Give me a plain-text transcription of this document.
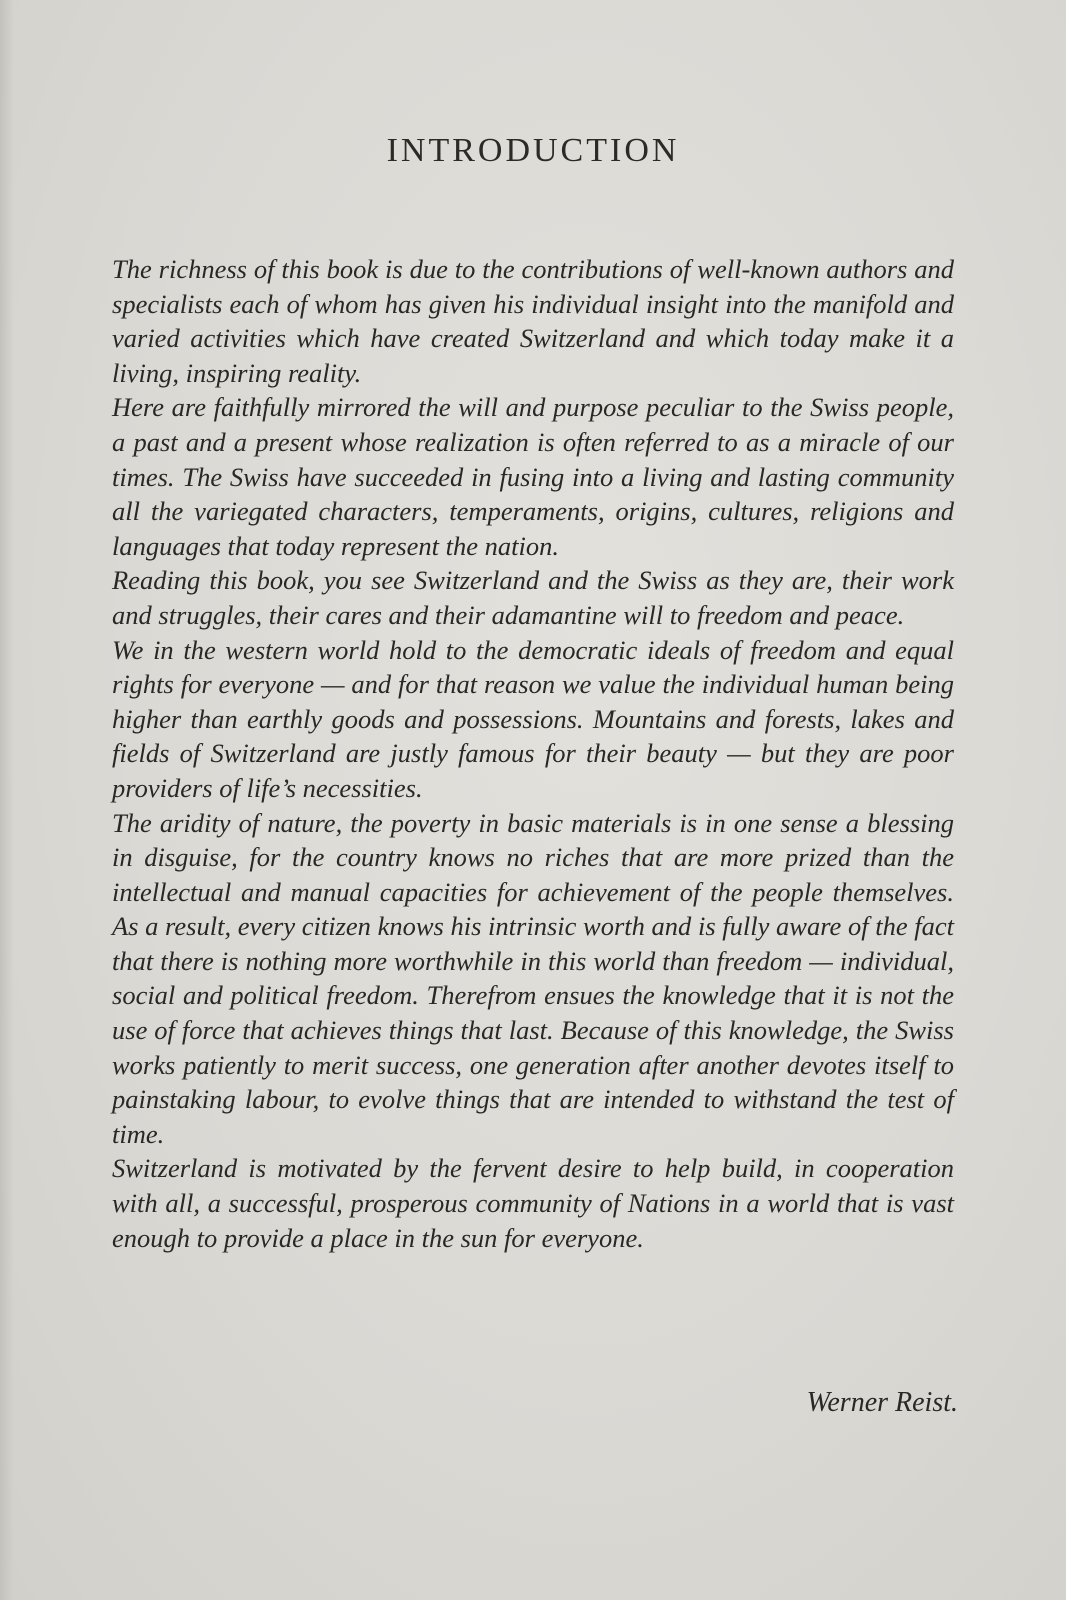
INTRODUCTION

The richness of this book is due to the contributions of well-known authors and specialists each of whom has given his individual insight into the manifold and varied activities which have created Switzerland and which today make it a living, inspiring reality.

Here are faithfully mirrored the will and purpose peculiar to the Swiss people, a past and a present whose realization is often referred to as a miracle of our times. The Swiss have succeeded in fusing into a living and lasting community all the variegated characters, temperaments, origins, cultures, religions and languages that today represent the nation.

Reading this book, you see Switzerland and the Swiss as they are, their work and struggles, their cares and their adamantine will to freedom and peace.

We in the western world hold to the democratic ideals of freedom and equal rights for everyone — and for that reason we value the individual human being higher than earthly goods and possessions. Mountains and forests, lakes and fields of Switzerland are justly famous for their beauty — but they are poor providers of life’s necessities.

The aridity of nature, the poverty in basic materials is in one sense a blessing in disguise, for the country knows no riches that are more prized than the intellectual and manual capacities for achievement of the people themselves. As a result, every citizen knows his intrinsic worth and is fully aware of the fact that there is nothing more worthwhile in this world than freedom — individual, social and political freedom. Therefrom ensues the knowledge that it is not the use of force that achieves things that last. Because of this knowledge, the Swiss works patiently to merit success, one generation after another devotes itself to painstaking labour, to evolve things that are intended to withstand the test of time.

Switzerland is motivated by the fervent desire to help build, in cooperation with all, a successful, prosperous community of Nations in a world that is vast enough to provide a place in the sun for everyone.

Werner Reist.
